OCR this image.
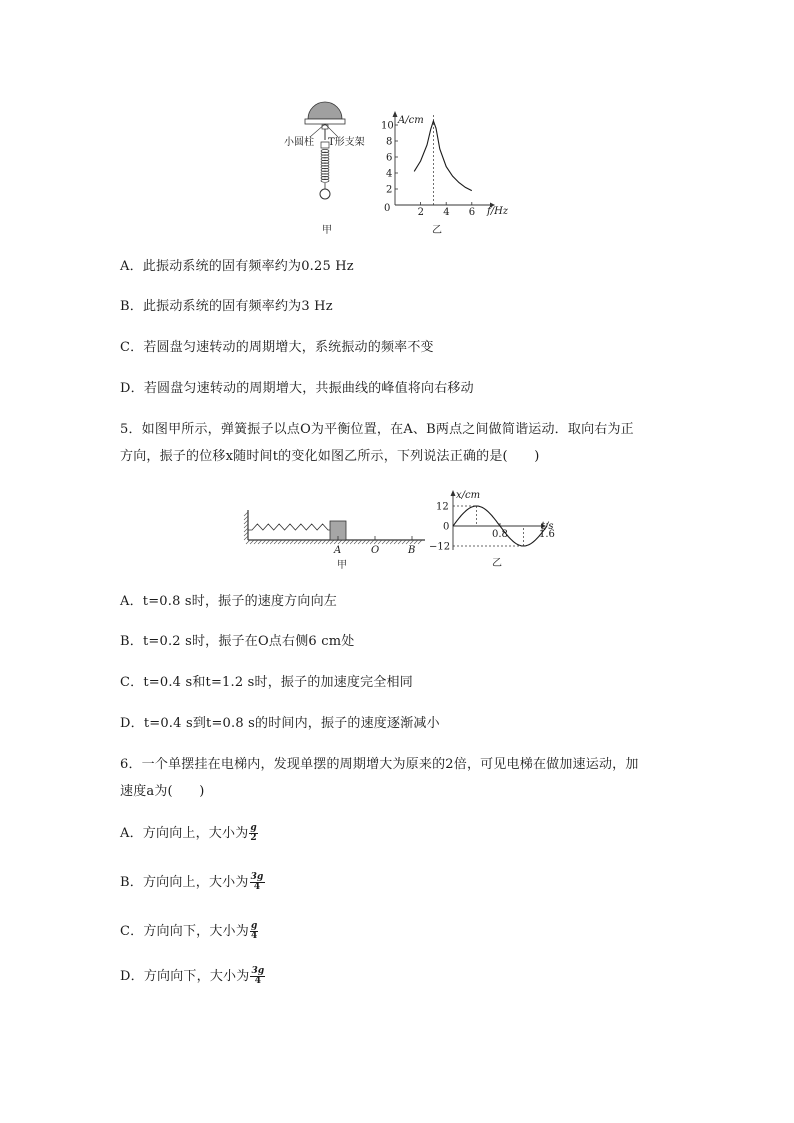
小圆柱 T形支架
甲
A/cm
f/Hz
0	2 4 6
2
4
6
8
10
乙
A．此振动系统的固有频率约为0.25 Hz
B．此振动系统的固有频率约为3 Hz
C．若圆盘匀速转动的周期增大，系统振动的频率不变
D．若圆盘匀速转动的周期增大，共振曲线的峰值将向右移动
5．如图甲所示，弹簧振子以点O为平衡位置，在A、B两点之间做简谐运动．取向右为正
方向，振子的位移x随时间t的变化如图乙所示，下列说法正确的是(　　)
A	O	B
甲
x/cm
t/s
12
0
−12
0.8	1.6
乙
A．t=0.8 s时，振子的速度方向向左
B．t=0.2 s时，振子在O点右侧6 cm处
C．t=0.4 s和t=1.2 s时，振子的加速度完全相同
D．t=0.4 s到t=0.8 s的时间内，振子的速度逐渐减小
6．一个单摆挂在电梯内，发现单摆的周期增大为原来的2倍，可见电梯在做加速运动，加
速度a为(　　)
A．方向向上，大小为 $\frac{g}{2}$
B．方向向上，大小为 $\frac{3g}{4}$
C．方向向下，大小为 $\frac{g}{4}$
D．方向向下，大小为 $\frac{3g}{4}$
